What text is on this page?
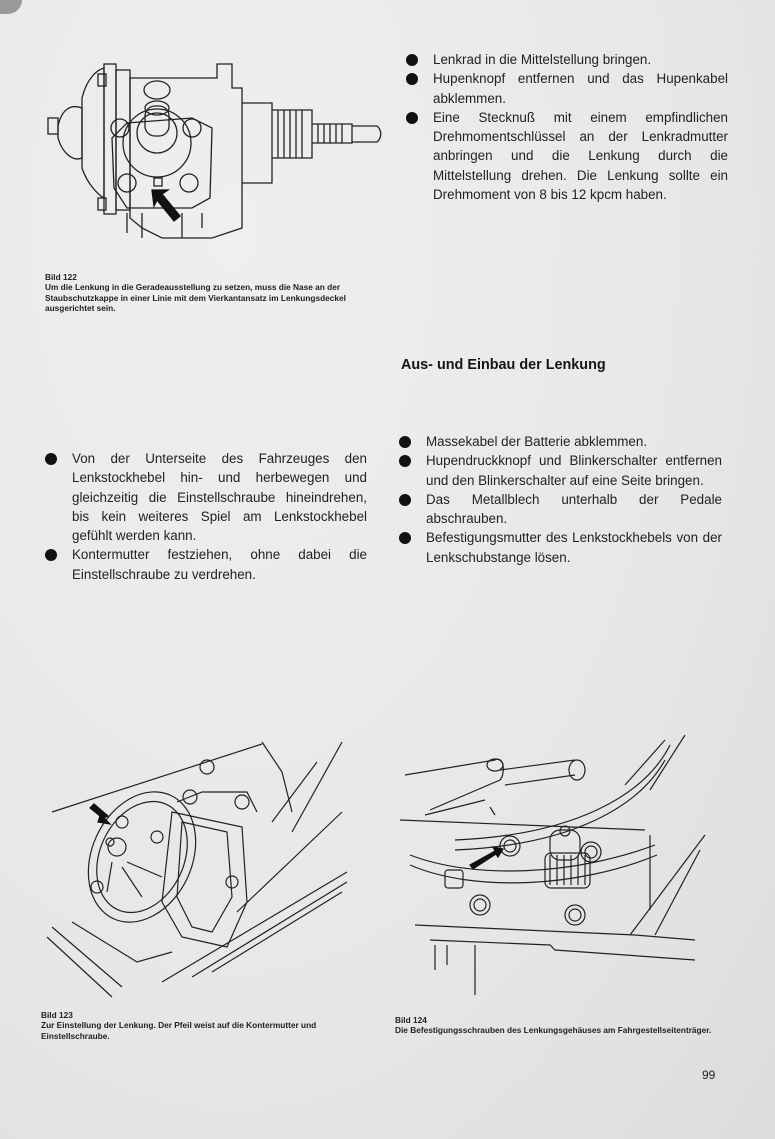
Bild 122
Um die Lenkung in die Geradeausstellung zu setzen, muss die Nase an der Staubschutzkappe in einer Linie mit dem Vierkantansatz im Lenkungsdeckel ausgerichtet sein.
Lenkrad in die Mittelstellung bringen.
Hupenknopf entfernen und das Hupenkabel abklemmen.
Eine Stecknuß mit einem empfindlichen Drehmomentschlüssel an der Lenkradmutter anbringen und die Lenkung durch die Mittelstellung drehen. Die Lenkung sollte ein Drehmoment von 8 bis 12 kpcm haben.
Aus- und Einbau der Lenkung
Massekabel der Batterie abklemmen.
Hupendruckknopf und Blinkerschalter entfernen und den Blinkerschalter auf eine Seite bringen.
Das Metallblech unterhalb der Pedale abschrauben.
Befestigungsmutter des Lenkstockhebels von der Lenkschubstange lösen.
Von der Unterseite des Fahrzeuges den Lenkstockhebel hin- und herbewegen und gleichzeitig die Einstellschraube hineindrehen, bis kein weiteres Spiel am Lenkstockhebel gefühlt werden kann.
Kontermutter festziehen, ohne dabei die Einstellschraube zu verdrehen.
Bild 123
Zur Einstellung der Lenkung. Der Pfeil weist auf die Kontermutter und Einstellschraube.
Bild 124
Die Befestigungsschrauben des Lenkungsgehäuses am Fahrgestellseitenträger.
99
